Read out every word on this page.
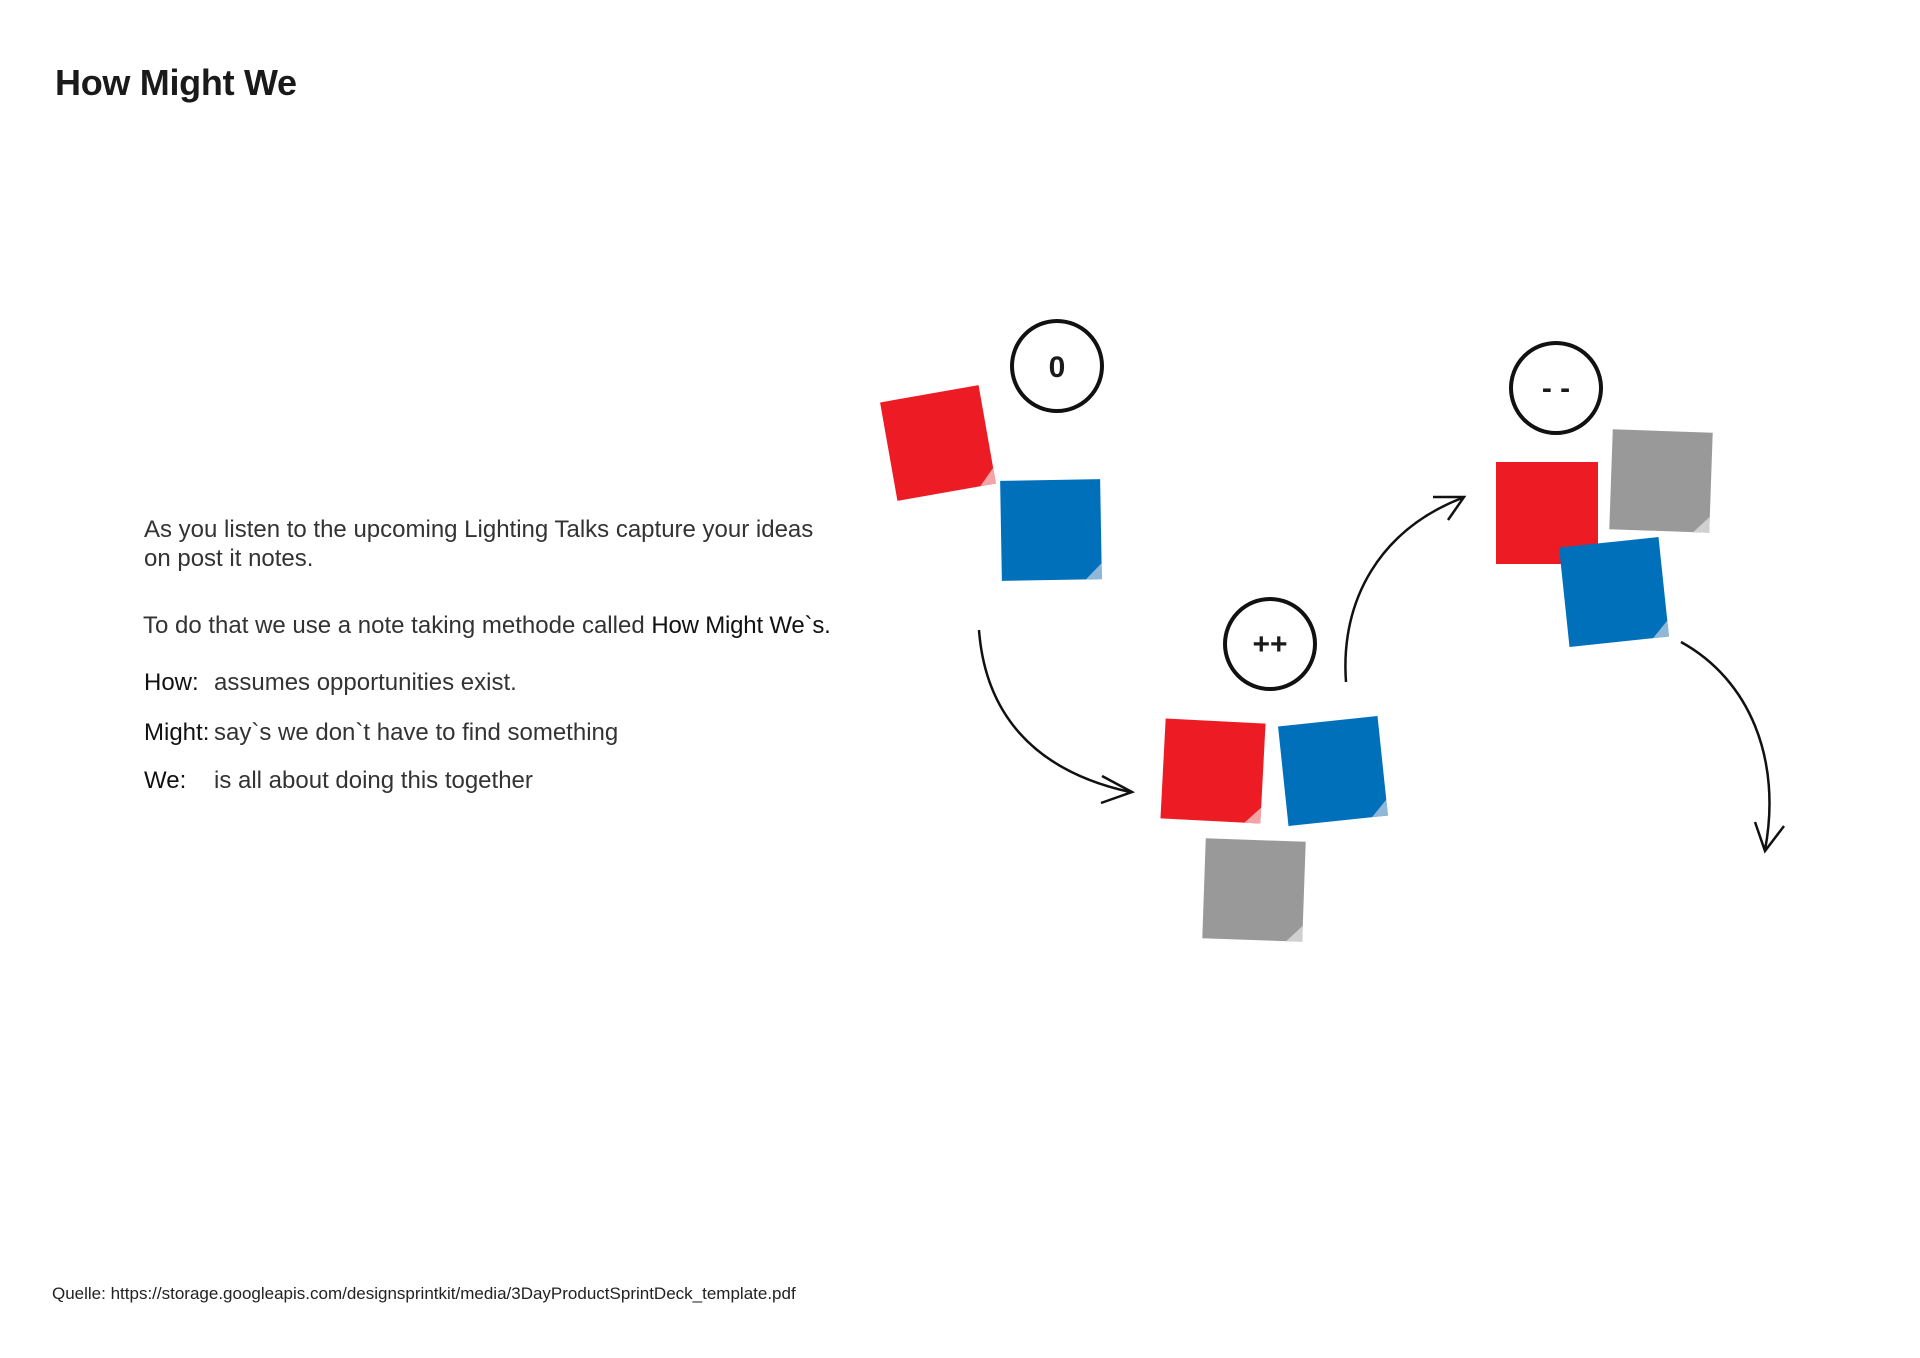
How Might We
As you listen to the upcoming Lighting Talks capture your ideas on post it notes.
To do that we use a note taking methode called How Might We`s.
How: assumes opportunities exist.
Might: say`s we don`t have to find something
We: is all about doing this together
0
++
- -
Quelle: https://storage.googleapis.com/designsprintkit/media/3DayProductSprintDeck_template.pdf
